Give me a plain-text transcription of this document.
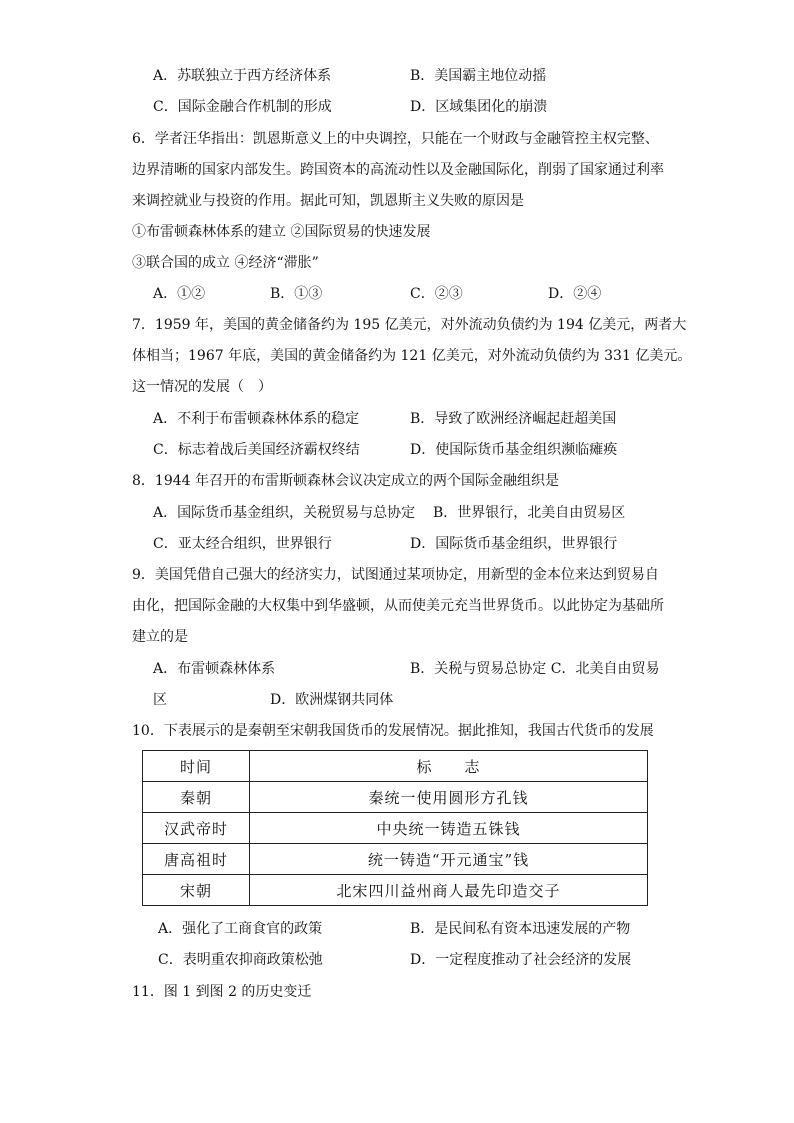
A．苏联独立于西方经济体系	B．美国霸主地位动摇
C．国际金融合作机制的形成	D．区域集团化的崩溃
6．学者汪华指出：凯恩斯意义上的中央调控，只能在一个财政与金融管控主权完整、
边界清晰的国家内部发生。跨国资本的高流动性以及金融国际化，削弱了国家通过利率
来调控就业与投资的作用。据此可知，凯恩斯主义失败的原因是
①布雷顿森林体系的建立 ②国际贸易的快速发展
③联合国的成立 ④经济“滞胀”
A．①②	B．①③	C．②③	D．②④
7．1959 年，美国的黄金储备约为 195 亿美元，对外流动负债约为 194 亿美元，两者大
体相当；1967 年底，美国的黄金储备约为 121 亿美元，对外流动负债约为 331 亿美元。
这一情况的发展（　）
A．不利于布雷顿森林体系的稳定	B．导致了欧洲经济崛起赶超美国
C．标志着战后美国经济霸权终结	D．使国际货币基金组织濒临瘫痪
8．1944 年召开的布雷斯顿森林会议决定成立的两个国际金融组织是
A．国际货币基金组织，关税贸易与总协定 B．世界银行，北美自由贸易区
C．亚太经合组织，世界银行	D．国际货币基金组织，世界银行
9．美国凭借自己强大的经济实力，试图通过某项协定，用新型的金本位来达到贸易自
由化，把国际金融的大权集中到华盛顿，从而使美元充当世界货币。以此协定为基础所
建立的是
A．布雷顿森林体系	B．关税与贸易总协定 C．北美自由贸易
区	D．欧洲煤钢共同体
10．下表展示的是秦朝至宋朝我国货币的发展情况。据此推知，我国古代货币的发展
时间	标　　志
秦朝	秦统一使用圆形方孔钱
汉武帝时	中央统一铸造五铢钱
唐高祖时	统一铸造“开元通宝”钱
宋朝	北宋四川益州商人最先印造交子
A．强化了工商食官的政策	B．是民间私有资本迅速发展的产物
C．表明重农抑商政策松弛	D．一定程度推动了社会经济的发展
11．图 1 到图 2 的历史变迁
